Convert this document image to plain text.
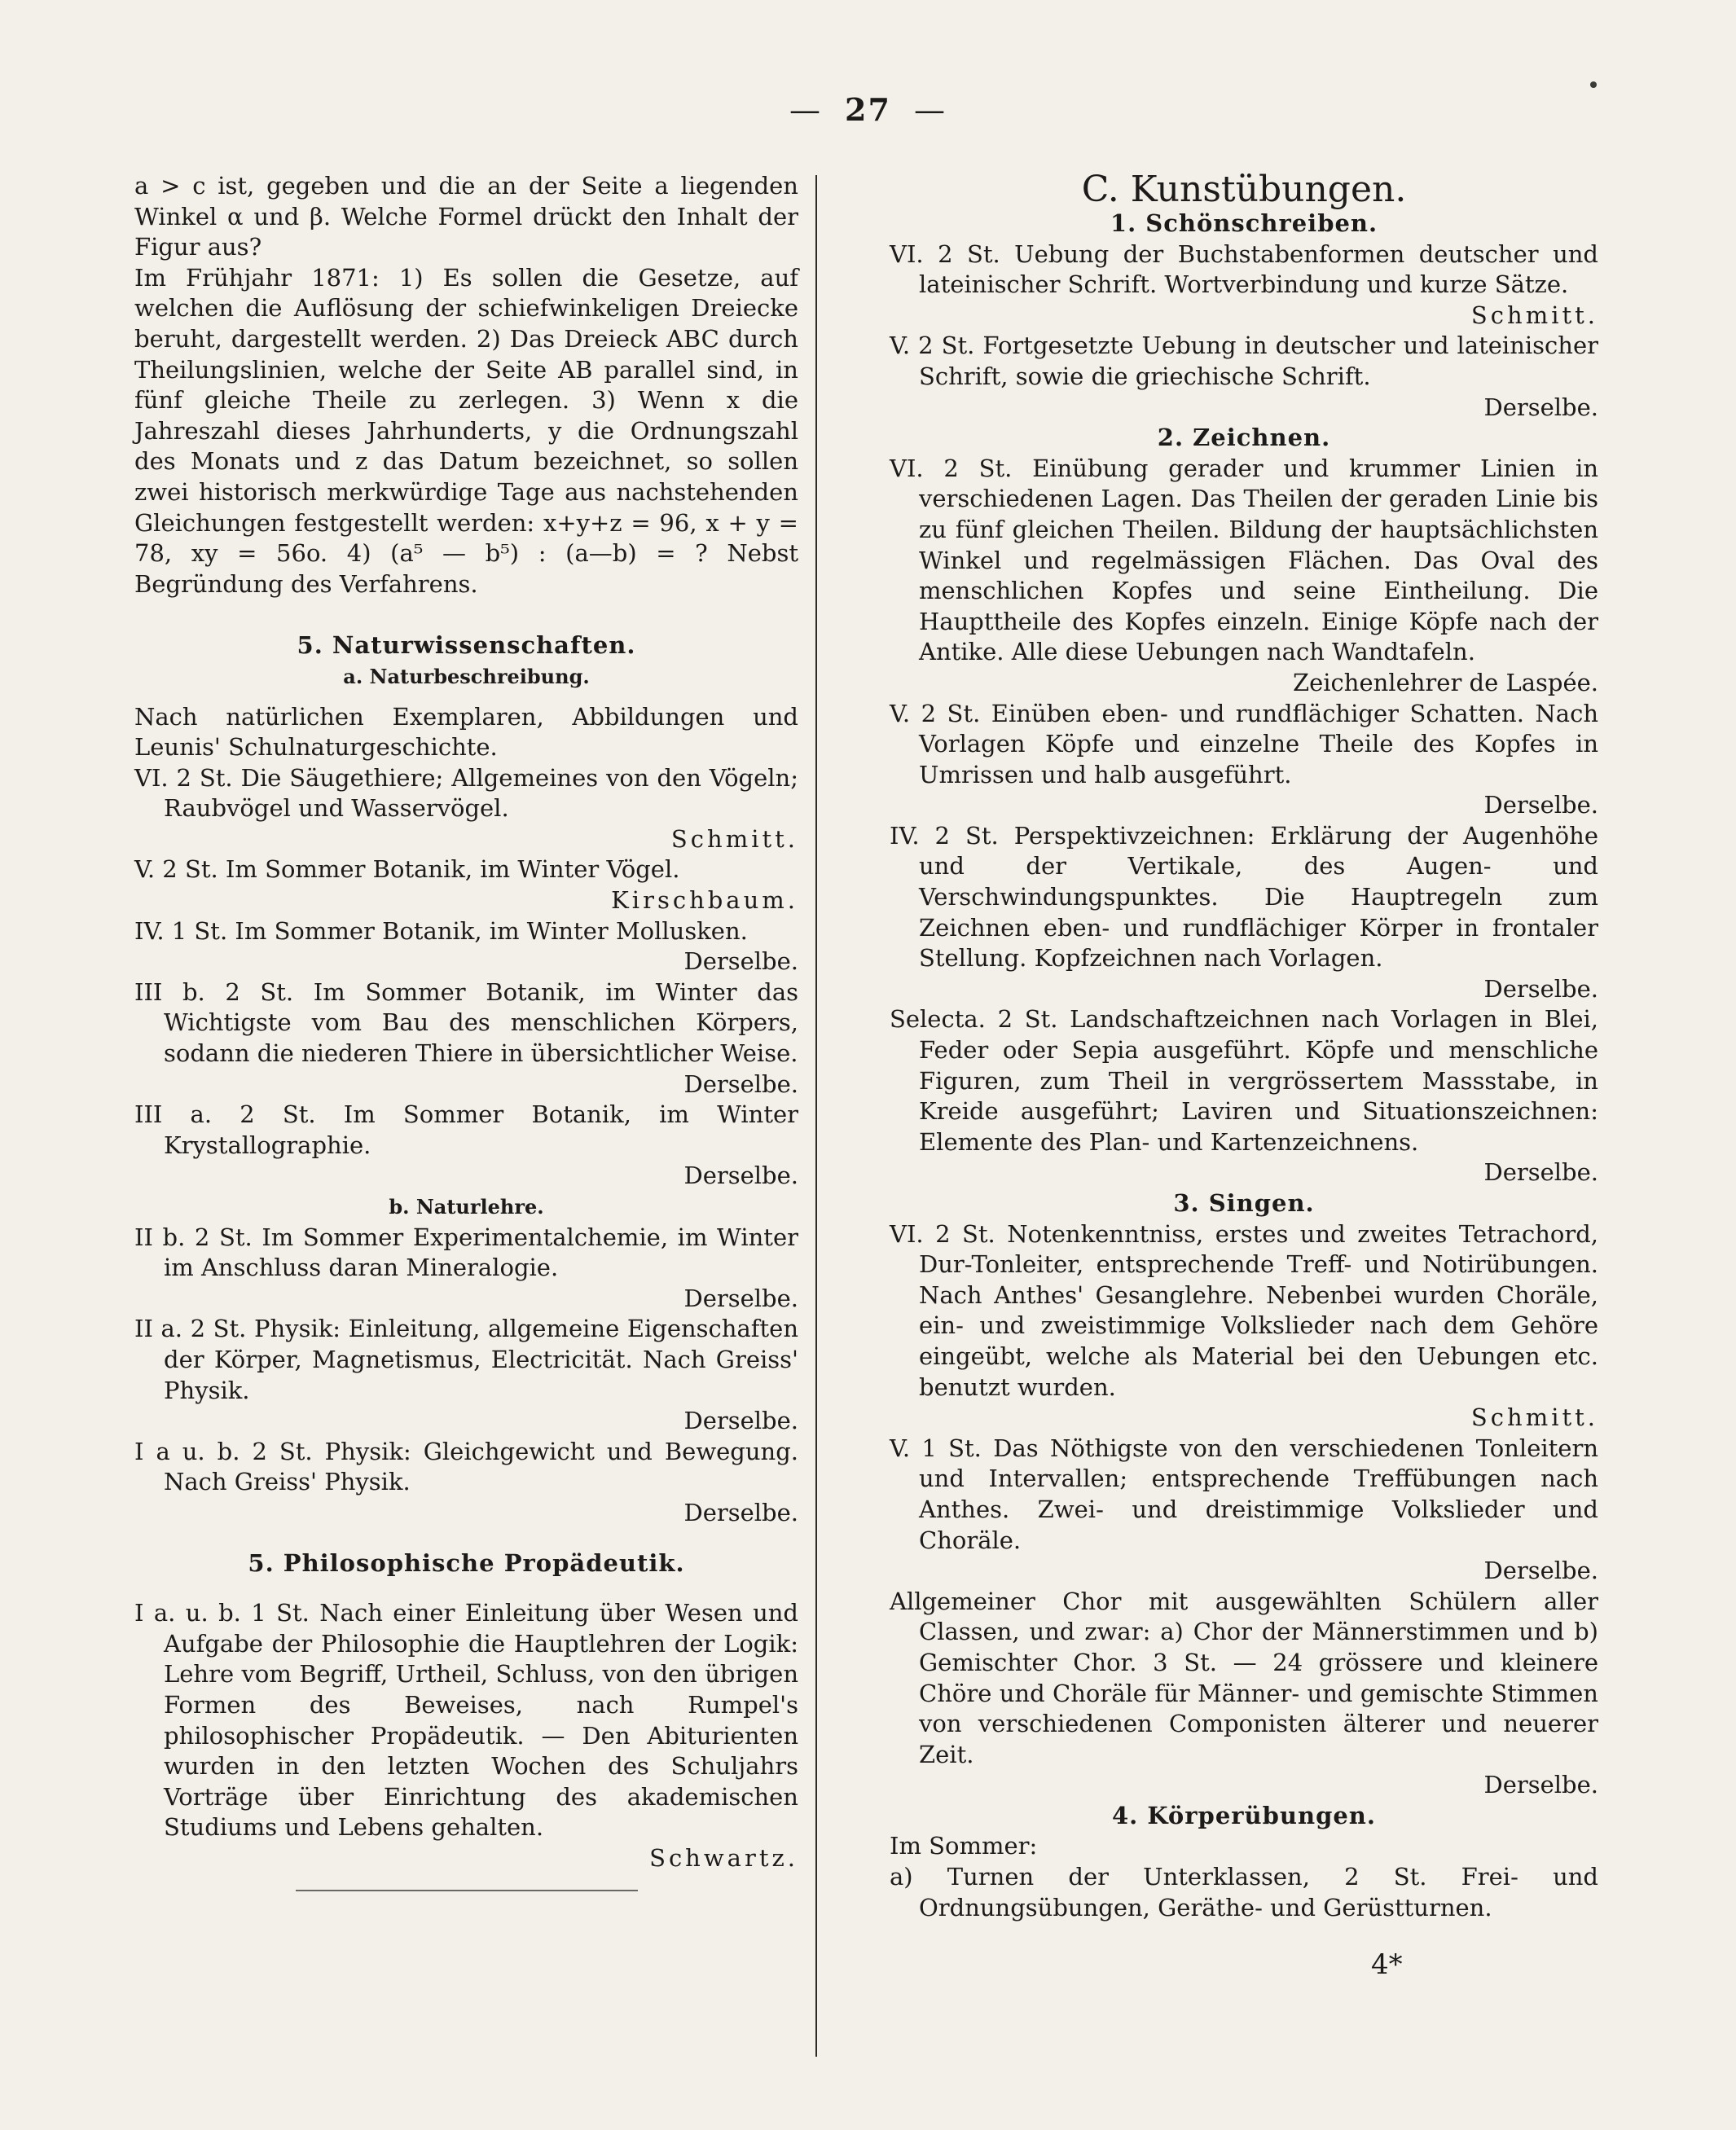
— 27 —

a > c ist, gegeben und die an der Seite a liegenden Winkel α und β. Welche Formel drückt den Inhalt der Figur aus?

Im Frühjahr 1871: 1) Es sollen die Gesetze, auf welchen die Auflösung der schiefwinkeligen Dreiecke beruht, dargestellt werden. 2) Das Dreieck ABC durch Theilungslinien, welche der Seite AB parallel sind, in fünf gleiche Theile zu zerlegen. 3) Wenn x die Jahreszahl dieses Jahrhunderts, y die Ordnungszahl des Monats und z das Datum bezeichnet, so sollen zwei historisch merkwürdige Tage aus nachstehenden Gleichungen festgestellt werden: x+y+z = 96, x + y = 78, xy = 56o. 4) (a⁵ — b⁵) : (a—b) = ? Nebst Begründung des Verfahrens.

5. Naturwissenschaften.

a. Naturbeschreibung.

Nach natürlichen Exemplaren, Abbildungen und Leunis' Schulnaturgeschichte.

VI. 2 St. Die Säugethiere; Allgemeines von den Vögeln; Raubvögel und Wasservögel.

Schmitt.

V. 2 St. Im Sommer Botanik, im Winter Vögel.

Kirschbaum.

IV. 1 St. Im Sommer Botanik, im Winter Mollusken.

Derselbe.

III b. 2 St. Im Sommer Botanik, im Winter das Wichtigste vom Bau des menschlichen Körpers, sodann die niederen Thiere in übersichtlicher Weise.

Derselbe.

III a. 2 St. Im Sommer Botanik, im Winter Krystallographie.

Derselbe.

b. Naturlehre.

II b. 2 St. Im Sommer Experimentalchemie, im Winter im Anschluss daran Mineralogie.

Derselbe.

II a. 2 St. Physik: Einleitung, allgemeine Eigenschaften der Körper, Magnetismus, Electricität. Nach Greiss' Physik.

Derselbe.

I a u. b. 2 St. Physik: Gleichgewicht und Bewegung. Nach Greiss' Physik.

Derselbe.

5. Philosophische Propädeutik.

I a. u. b. 1 St. Nach einer Einleitung über Wesen und Aufgabe der Philosophie die Hauptlehren der Logik: Lehre vom Begriff, Urtheil, Schluss, von den übrigen Formen des Beweises, nach Rumpel's philosophischer Propädeutik. — Den Abiturienten wurden in den letzten Wochen des Schuljahrs Vorträge über Einrichtung des akademischen Studiums und Lebens gehalten.

Schwartz.

C. Kunstübungen.

1. Schönschreiben.

VI. 2 St. Uebung der Buchstabenformen deutscher und lateinischer Schrift. Wortverbindung und kurze Sätze.

Schmitt.

V. 2 St. Fortgesetzte Uebung in deutscher und lateinischer Schrift, sowie die griechische Schrift.

Derselbe.

2. Zeichnen.

VI. 2 St. Einübung gerader und krummer Linien in verschiedenen Lagen. Das Theilen der geraden Linie bis zu fünf gleichen Theilen. Bildung der hauptsächlichsten Winkel und regelmässigen Flächen. Das Oval des menschlichen Kopfes und seine Eintheilung. Die Haupttheile des Kopfes einzeln. Einige Köpfe nach der Antike. Alle diese Uebungen nach Wandtafeln.

Zeichenlehrer de Laspée.

V. 2 St. Einüben eben- und rundflächiger Schatten. Nach Vorlagen Köpfe und einzelne Theile des Kopfes in Umrissen und halb ausgeführt.

Derselbe.

IV. 2 St. Perspektivzeichnen: Erklärung der Augenhöhe und der Vertikale, des Augen- und Verschwindungspunktes. Die Hauptregeln zum Zeichnen eben- und rundflächiger Körper in frontaler Stellung. Kopfzeichnen nach Vorlagen.

Derselbe.

Selecta. 2 St. Landschaftzeichnen nach Vorlagen in Blei, Feder oder Sepia ausgeführt. Köpfe und menschliche Figuren, zum Theil in vergrössertem Massstabe, in Kreide ausgeführt; Laviren und Situationszeichnen: Elemente des Plan- und Kartenzeichnens.

Derselbe.

3. Singen.

VI. 2 St. Notenkenntniss, erstes und zweites Tetrachord, Dur-Tonleiter, entsprechende Treff- und Notirübungen. Nach Anthes' Gesanglehre. Nebenbei wurden Choräle, ein- und zweistimmige Volkslieder nach dem Gehöre eingeübt, welche als Material bei den Uebungen etc. benutzt wurden.

Schmitt.

V. 1 St. Das Nöthigste von den verschiedenen Tonleitern und Intervallen; entsprechende Treffübungen nach Anthes. Zwei- und dreistimmige Volkslieder und Choräle.

Derselbe.

Allgemeiner Chor mit ausgewählten Schülern aller Classen, und zwar: a) Chor der Männerstimmen und b) Gemischter Chor. 3 St. — 24 grössere und kleinere Chöre und Choräle für Männer- und gemischte Stimmen von verschiedenen Componisten älterer und neuerer Zeit.

Derselbe.

4. Körperübungen.

Im Sommer:

a) Turnen der Unterklassen, 2 St. Frei- und Ordnungsübungen, Geräthe- und Gerüstturnen.

4*
